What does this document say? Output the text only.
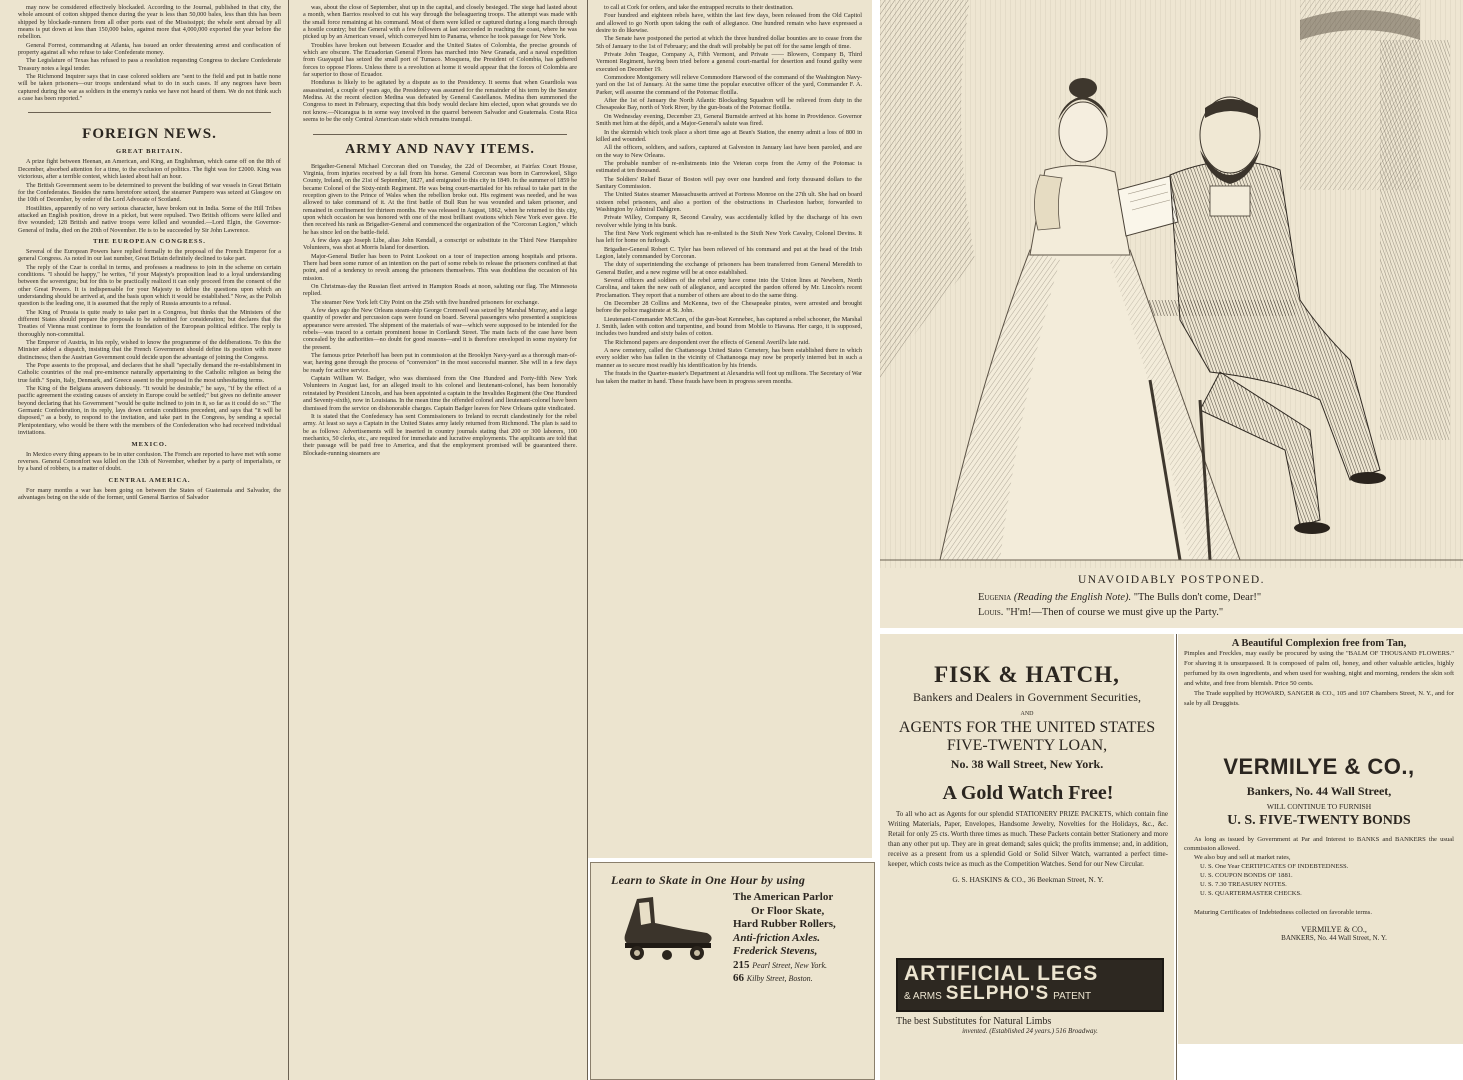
may now be considered effectively blockaded. According to the Journal, published in that city, the whole amount of cotton shipped thence during the year is less than 50,000 bales, less than this has been shipped by blockade-runners from all other ports east of the Mississippi; the whole sent abroad by all means is put down at less than 150,000 bales, against more that 4,000,000 exported the year before the rebellion.

General Forrest, commanding at Atlanta, has issued an order threatening arrest and confiscation of property against all who refuse to take Confederate money.

The Legislature of Texas has refused to pass a resolution requesting Congress to declare Confederate Treasury notes a legal tender.

The Richmond Inquirer says that in case colored soldiers are "sent to the field and put in battle none will be taken prisoners—our troops understand what to do in such cases. If any negroes have been captured during the war as soldiers in the enemy's ranks we have not heard of them. We do not think such a case has been reported."

FOREIGN NEWS.
GREAT BRITAIN.

A prize fight between Heenan, an American, and King, an Englishman, which came off on the 8th of December, absorbed attention for a time, to the exclusion of politics. The fight was for £2000. King was victorious, after a terrible contest, which lasted about half an hour.

The British Government seem to be determined to prevent the building of war vessels in Great Britain for the Confederates. Besides the rams heretofore seized, the steamer Pampero was seized at Glasgow on the 10th of December, by order of the Lord Advocate of Scotland.

Hostilities, apparently of no very serious character, have broken out in India. Some of the Hill Tribes attacked an English position, drove in a picket, but were repulsed. Two British officers were killed and five wounded; 128 British and native troops were killed and wounded.—Lord Elgin, the Governor-General of India, died on the 20th of November. He is to be succeeded by Sir John Lawrence.

THE EUROPEAN CONGRESS.

Several of the European Powers have replied formally to the proposal of the French Emperor for a general Congress. As noted in our last number, Great Britain definitely declined to take part.

The reply of the Czar is cordial in terms, and professes a readiness to join in the scheme on certain conditions. "I should be happy," he writes, "if your Majesty's proposition lead to a loyal understanding between the sovereigns; but for this to be practically realized it can only proceed from the consent of the other Great Powers. It is indispensable for your Majesty to define the questions upon which an understanding should be arrived at, and the basis upon which it would be established." Now, as the Polish question is the leading one, it is assumed that the reply of Russia amounts to a refusal.

The King of Prussia is quite ready to take part in a Congress, but thinks that the Ministers of the different States should prepare the proposals to be submitted for consideration; but declares that the Treaties of Vienna must continue to form the foundation of the European political edifice. The reply is thoroughly non-committal.

The Emperor of Austria, in his reply, wished to know the programme of the deliberations. To this the Minister added a dispatch, insisting that the French Government should define its position with more distinctness; then the Austrian Government could decide upon the advantage of joining the Congress.

The Pope assents to the proposal, and declares that he shall "specially demand the re-establishment in Catholic countries of the real pre-eminence naturally appertaining to the Catholic religion as being the true faith." Spain, Italy, Denmark, and Greece assent to the proposal in the most unhesitating terms.

The King of the Belgians answers dubiously. "It would be desirable," he says, "if by the effect of a pacific agreement the existing causes of anxiety in Europe could be settled;" but gives no definite answer beyond declaring that his Government "would be quite inclined to join in it, so far as it could do so." The Germanic Confederation, in its reply, lays down certain conditions precedent, and says that "it will be disposed," as a body, to respond to the invitation, and take part in the Congress, by sending a special Plenipotentiary, who would be there with the members of the Confederation who had received individual invitations.

MEXICO.

In Mexico every thing appears to be in utter confusion. The French are reported to have met with some reverses. General Comonfort was killed on the 13th of November, whether by a party of imperialists, or by a band of robbers, is a matter of doubt.

CENTRAL AMERICA.

For many months a war has been going on between the States of Guatemala and Salvador, the advantages being on the side of the former, until General Barrios of Salvador

was, about the close of September, shut up in the capital, and closely besieged. The siege had lasted about a month, when Barrios resolved to cut his way through the beleaguering troops. The attempt was made with the small force remaining at his command. Most of them were killed or captured during a long march through a hostile country; but the General with a few followers at last succeeded in reaching the coast, where he was picked up by an American vessel, which conveyed him to Panama, whence he took passage for New York.

Troubles have broken out between Ecuador and the United States of Colombia, the precise grounds of which are obscure. The Ecuadorian General Flores has marched into New Granada, and a naval expedition from Guayaquil has seized the small port of Tumaco. Mosquera, the President of Colombia, has gathered forces to oppose Flores. Unless there is a revolution at home it would appear that the forces of Colombia are far superior to those of Ecuador.

Honduras is likely to be agitated by a dispute as to the Presidency. It seems that when Guardiola was assassinated, a couple of years ago, the Presidency was assumed for the remainder of his term by the Senator Medina. At the recent election Medina was defeated by General Castellanos. Medina then summoned the Congress to meet in February, expecting that this body would declare him elected, upon what grounds we do not know.—Nicaragua is in some way involved in the quarrel between Salvador and Guatemala. Costa Rica seems to be the only Central American state which remains tranquil.

ARMY AND NAVY ITEMS.

Brigadier-General Michael Corcoran died on Tuesday, the 22d of December, at Fairfax Court House, Virginia, from injuries received by a fall from his horse. General Corcoran was born in Carrowkeel, Sligo County, Ireland, on the 21st of September, 1827, and emigrated to this city in 1849. In the summer of 1859 he became Colonel of the Sixty-ninth Regiment. He was being court-martialed for his refusal to take part in the reception given to the Prince of Wales when the rebellion broke out. His regiment was needed, and he was allowed to take command of it. At the first battle of Bull Run he was wounded and taken prisoner, and remained in confinement for thirteen months. He was released in August, 1862, when he returned to this city, upon which occasion he was honored with one of the most brilliant ovations which New York ever gave. He then received his rank as Brigadier-General and commenced the organization of the "Corcoran Legion," which he has since led on the battle-field.

A few days ago Joseph Libe, alias John Kendall, a conscript or substitute in the Third New Hampshire Volunteers, was shot at Morris Island for desertion.

Major-General Butler has been to Point Lookout on a tour of inspection among hospitals and prisons. There had been some rumor of an intention on the part of some rebels to release the prisoners confined at that point, and of a tendency to revolt among the prisoners themselves. This was doubtless the occasion of his mission.

On Christmas-day the Russian fleet arrived in Hampton Roads at noon, saluting our flag. The Minnesota replied.

The steamer New York left City Point on the 25th with five hundred prisoners for exchange.

A few days ago the New Orleans steam-ship George Cromwell was seized by Marshal Murray, and a large quantity of powder and percussion caps were found on board. Several passengers who presented a suspicious appearance were arrested. The shipment of the materials of war—which were supposed to be intended for the rebels—was traced to a certain prominent house in Cortlandt Street. The main facts of the case have been concealed by the authorities—no doubt for good reasons—and it is therefore enveloped in some mystery for the present.

The famous prize Peterhoff has been put in commission at the Brooklyn Navy-yard as a thorough man-of-war, having gone through the process of "conversion" in the most successful manner. She will in a few days be ready for active service.

Captain William W. Badger, who was dismissed from the One Hundred and Forty-fifth New York Volunteers in August last, for an alleged insult to his colonel and lieutenant-colonel, has been honorably reinstated by President Lincoln, and has been appointed a captain in the Invalides Regiment (the One Hundred and Seventy-sixth), now in Louisiana. In the mean time the offended colonel and lieutenant-colonel have been dismissed from the service on dishonorable charges. Captain Badger leaves for New Orleans quite vindicated.

It is stated that the Confederacy has sent Commissioners to Ireland to recruit clandestinely for the rebel army. At least so says a Captain in the United States army lately returned from Richmond. The plan is said to be as follows: Advertisements will be inserted in country journals stating that 200 or 300 laborers, 100 mechanics, 50 clerks, etc., are required for immediate and lucrative employments. The applicants are told that their passage will be paid free to America, and that the employment promised will be guaranteed there. Blockade-running steamers are

to call at Cork for orders, and take the entrapped recruits to their destination.

Four hundred and eighteen rebels have, within the last few days, been released from the Old Capitol and allowed to go North upon taking the oath of allegiance. One hundred remain who have expressed a desire to do likewise.

The Senate have postponed the period at which the three hundred dollar bounties are to cease from the 5th of January to the 1st of February; and the draft will probably be put off for the same length of time.

Private John Teague, Company A, Fifth Vermont, and Private —— Blowers, Company B, Third Vermont Regiment, having been tried before a general court-martial for desertion and found guilty were executed on December 19.

Commodore Montgomery will relieve Commodore Harwood of the command of the Washington Navy-yard on the 1st of January. At the same time the popular executive officer of the yard, Commander F. A. Parker, will assume the command of the Potomac flotilla.

After the 1st of January the North Atlantic Blockading Squadron will be relieved from duty in the Chesapeake Bay, north of York River, by the gun-boats of the Potomac flotilla.

On Wednesday evening, December 23, General Burnside arrived at his home in Providence. Governor Smith met him at the dépôt, and a Major-General's salute was fired.

In the skirmish which took place a short time ago at Bean's Station, the enemy admit a loss of 800 in killed and wounded.

All the officers, soldiers, and sailors, captured at Galveston in January last have been paroled, and are on the way to New Orleans.

The probable number of re-enlistments into the Veteran corps from the Army of the Potomac is estimated at ten thousand.

The Soldiers' Relief Bazar of Boston will pay over one hundred and forty thousand dollars to the Sanitary Commission.

The United States steamer Massachusetts arrived at Fortress Monroe on the 27th ult. She had on board sixteen rebel prisoners, and also a portion of the obstructions in Charleston harbor, forwarded to Washington by Admiral Dahlgren.

Private Willey, Company R, Second Cavalry, was accidentally killed by the discharge of his own revolver while lying in his bunk.

The first New York regiment which has re-enlisted is the Sixth New York Cavalry, Colonel Devins. It has left for home on furlough.

Brigadier-General Robert C. Tyler has been relieved of his command and put at the head of the Irish Legion, lately commanded by Corcoran.

The duty of superintending the exchange of prisoners has been transferred from General Meredith to General Butler, and a new regime will be at once established.

Several officers and soldiers of the rebel army have come into the Union lines at Newbern, North Carolina, and taken the new oath of allegiance, and accepted the pardon offered by Mr. Lincoln's recent Proclamation. They report that a number of others are about to do the same thing.

On December 28 Collins and McKenna, two of the Chesapeake pirates, were arrested and brought before the police magistrate at St. John.

Lieutenant-Commander McCann, of the gun-boat Kennebec, has captured a rebel schooner, the Marshal J. Smith, laden with cotton and turpentine, and bound from Mobile to Havana. Her cargo, it is supposed, includes two hundred and sixty bales of cotton.

The Richmond papers are despondent over the effects of General Averill's late raid.

A new cemetery, called the Chattanooga United States Cemetery, has been established there in which every soldier who has fallen in the vicinity of Chattanooga may now be properly interred but in such a manner as to secure most readily his identification by his friends.

The frauds in the Quarter-master's Department at Alexandria will foot up millions. The Secretary of War has taken the matter in hand. These frauds have been in progress seven months.

Learn to Skate in One Hour by using
The American Parlor
Or Floor Skate,
Hard Rubber Rollers,
Anti-friction Axles.
Frederick Stevens,
215 Pearl Street, New York.
66 Kilby Street, Boston.
UNAVOIDABLY POSTPONED.
Eugenia (Reading the English Note). "The Bulls don't come, Dear!"
Louis. "H'm!—Then of course we must give up the Party."
FISK & HATCH,
Bankers and Dealers in Government Securities,
AND
AGENTS FOR THE UNITED STATES
FIVE-TWENTY LOAN,
No. 38 Wall Street, New York.
A Gold Watch Free!
To all who act as Agents for our splendid STATIONERY PRIZE PACKETS, which contain fine Writing Materials, Paper, Envelopes, Handsome Jewelry, Novelties for the Holidays, &c., &c. Retail for only 25 cts. Worth three times as much. These Packets contain better Stationery and more than any other put up. They are in great demand; sales quick; the profits immense; and, in addition, receive as a present from us a splendid Gold or Solid Silver Watch, warranted a perfect time-keeper, which costs twice as much as the Competition Watches. Send for our New Circular.
G. S. HASKINS & CO., 36 Beekman Street, N. Y.
ARTIFICIAL LEGS
& ARMS SELPHO'S PATENT
The best Substitutes for Natural Limbs
invented. (Established 24 years.) 516 Broadway.
A Beautiful Complexion free from Tan,
Pimples and Freckles, may easily be procured by using the "BALM OF THOUSAND FLOWERS." For shaving it is unsurpassed. It is composed of palm oil, honey, and other valuable articles, highly perfumed by its own ingredients, and when used for washing, night and morning, renders the skin soft and white, and free from blemish. Price 50 cents.
The Trade supplied by HOWARD, SANGER & CO., 105 and 107 Chambers Street, N. Y., and for sale by all Druggists.
VERMILYE & CO.,
Bankers, No. 44 Wall Street,
WILL CONTINUE TO FURNISH
U. S. FIVE-TWENTY BONDS
As long as issued by Government at Par and Interest to BANKS and BANKERS the usual commission allowed.
We also buy and sell at market rates,
U. S. One Year CERTIFICATES OF INDEBTEDNESS.
U. S. COUPON BONDS OF 1881.
U. S. 7.30 TREASURY NOTES.
U. S. QUARTERMASTER CHECKS.
Maturing Certificates of Indebtedness collected on favorable terms.
VERMILYE & CO.,
BANKERS, No. 44 Wall Street, N. Y.
